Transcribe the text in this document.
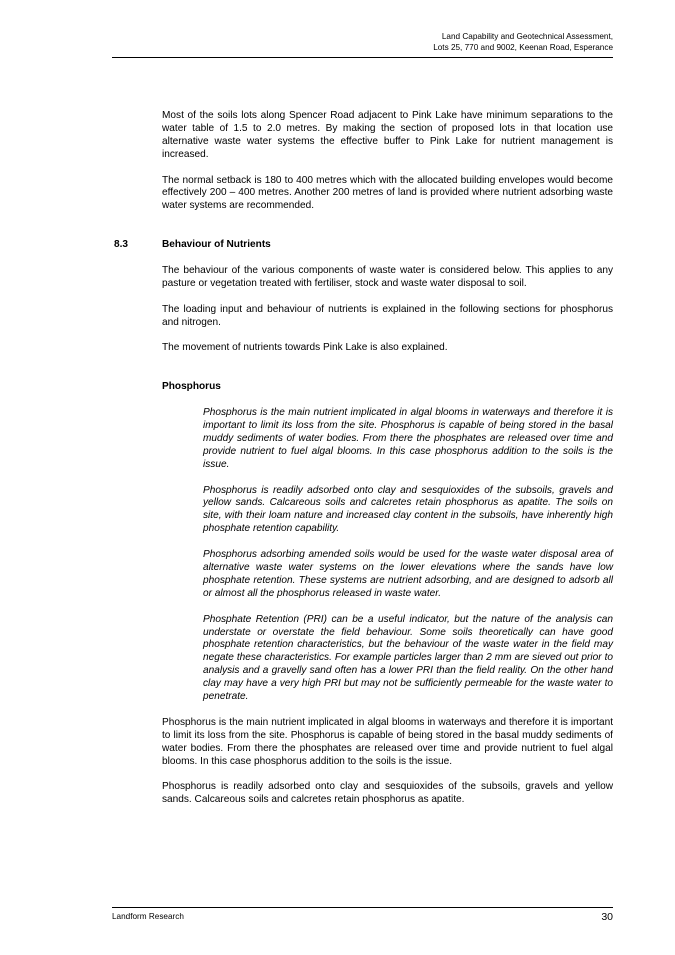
Land Capability and Geotechnical Assessment,
Lots 25, 770 and 9002, Keenan Road, Esperance

Most of the soils lots along Spencer Road adjacent to Pink Lake have minimum separations to the water table of 1.5 to 2.0 metres. By making the section of proposed lots in that location use alternative waste water systems the effective buffer to Pink Lake for nutrient management is increased.

The normal setback is 180 to 400 metres which with the allocated building envelopes would become effectively 200 – 400 metres. Another 200 metres of land is provided where nutrient adsorbing waste water systems are recommended.

8.3	Behaviour of Nutrients

The behaviour of the various components of waste water is considered below. This applies to any pasture or vegetation treated with fertiliser, stock and waste water disposal to soil.

The loading input and behaviour of nutrients is explained in the following sections for phosphorus and nitrogen.

The movement of nutrients towards Pink Lake is also explained.

Phosphorus

Phosphorus is the main nutrient implicated in algal blooms in waterways and therefore it is important to limit its loss from the site. Phosphorus is capable of being stored in the basal muddy sediments of water bodies. From there the phosphates are released over time and provide nutrient to fuel algal blooms. In this case phosphorus addition to the soils is the issue.

Phosphorus is readily adsorbed onto clay and sesquioxides of the subsoils, gravels and yellow sands. Calcareous soils and calcretes retain phosphorus as apatite. The soils on site, with their loam nature and increased clay content in the subsoils, have inherently high phosphate retention capability.

Phosphorus adsorbing amended soils would be used for the waste water disposal area of alternative waste water systems on the lower elevations where the sands have low phosphate retention. These systems are nutrient adsorbing, and are designed to adsorb all or almost all the phosphorus released in waste water.

Phosphate Retention (PRI) can be a useful indicator, but the nature of the analysis can understate or overstate the field behaviour. Some soils theoretically can have good phosphate retention characteristics, but the behaviour of the waste water in the field may negate these characteristics. For example particles larger than 2 mm are sieved out prior to analysis and a gravelly sand often has a lower PRI than the field reality. On the other hand clay may have a very high PRI but may not be sufficiently permeable for the waste water to penetrate.

Phosphorus is the main nutrient implicated in algal blooms in waterways and therefore it is important to limit its loss from the site. Phosphorus is capable of being stored in the basal muddy sediments of water bodies. From there the phosphates are released over time and provide nutrient to fuel algal blooms. In this case phosphorus addition to the soils is the issue.

Phosphorus is readily adsorbed onto clay and sesquioxides of the subsoils, gravels and yellow sands. Calcareous soils and calcretes retain phosphorus as apatite.

Landform Research	30
